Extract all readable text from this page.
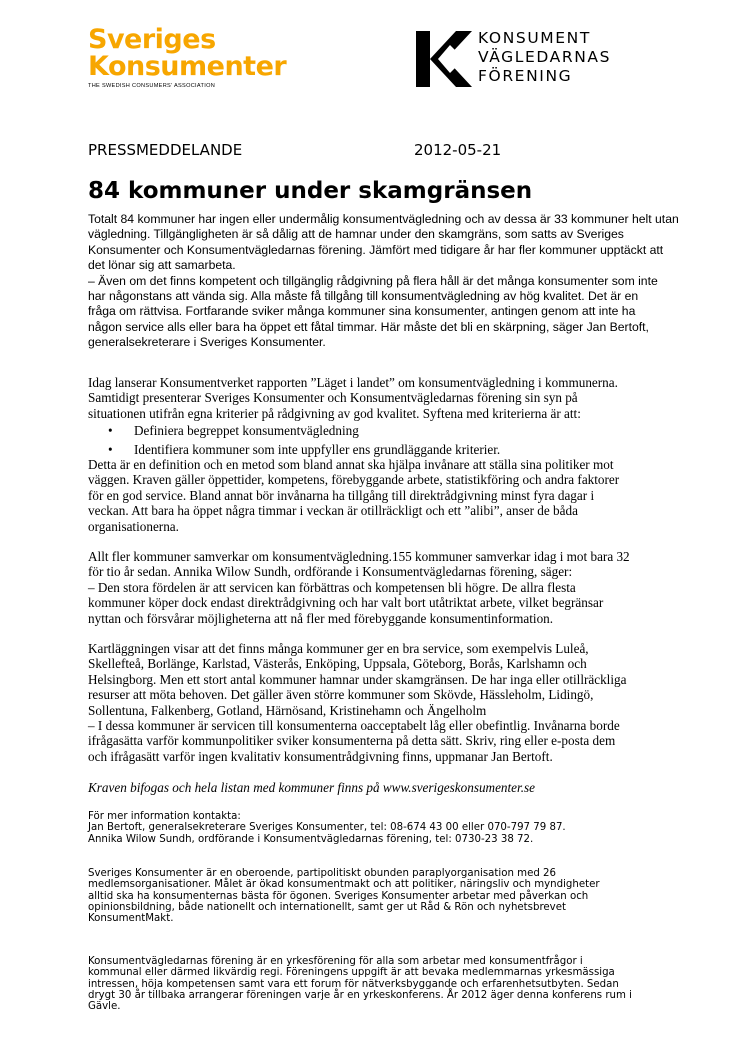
Sveriges
Konsumenter
THE SWEDISH CONSUMERS' ASSOCIATION
KONSUMENT
VÄGLEDARNAS
FÖRENING
PRESSMEDDELANDE	2012-05-21
84 kommuner under skamgränsen
Totalt 84 kommuner har ingen eller undermålig konsumentvägledning och av dessa är 33 kommuner helt utan
vägledning. Tillgängligheten är så dålig att de hamnar under den skamgräns, som satts av Sveriges
Konsumenter och Konsumentvägledarnas förening. Jämfört med tidigare år har fler kommuner upptäckt att
det lönar sig att samarbeta.
– Även om det finns kompetent och tillgänglig rådgivning på flera håll är det många konsumenter som inte
har någonstans att vända sig. Alla måste få tillgång till konsumentvägledning av hög kvalitet. Det är en
fråga om rättvisa. Fortfarande sviker många kommuner sina konsumenter, antingen genom att inte ha
någon service alls eller bara ha öppet ett fåtal timmar. Här måste det bli en skärpning, säger Jan Bertoft,
generalsekreterare i Sveriges Konsumenter.
Idag lanserar Konsumentverket rapporten ”Läget i landet” om konsumentvägledning i kommunerna.
Samtidigt presenterar Sveriges Konsumenter och Konsumentvägledarnas förening sin syn på
situationen utifrån egna kriterier på rådgivning av god kvalitet. Syftena med kriterierna är att:
• Definiera begreppet konsumentvägledning
• Identifiera kommuner som inte uppfyller ens grundläggande kriterier.
Detta är en definition och en metod som bland annat ska hjälpa invånare att ställa sina politiker mot
väggen. Kraven gäller öppettider, kompetens, förebyggande arbete, statistikföring och andra faktorer
för en god service. Bland annat bör invånarna ha tillgång till direktrådgivning minst fyra dagar i
veckan. Att bara ha öppet några timmar i veckan är otillräckligt och ett ”alibi”, anser de båda
organisationerna.
Allt fler kommuner samverkar om konsumentvägledning.155 kommuner samverkar idag i mot bara 32
för tio år sedan. Annika Wilow Sundh, ordförande i Konsumentvägledarnas förening, säger:
– Den stora fördelen är att servicen kan förbättras och kompetensen bli högre. De allra flesta
kommuner köper dock endast direktrådgivning och har valt bort utåtriktat arbete, vilket begränsar
nyttan och försvårar möjligheterna att nå fler med förebyggande konsumentinformation.
Kartläggningen visar att det finns många kommuner ger en bra service, som exempelvis Luleå,
Skellefteå, Borlänge, Karlstad, Västerås, Enköping, Uppsala, Göteborg, Borås, Karlshamn och
Helsingborg. Men ett stort antal kommuner hamnar under skamgränsen. De har inga eller otillräckliga
resurser att möta behoven. Det gäller även större kommuner som Skövde, Hässleholm, Lidingö,
Sollentuna, Falkenberg, Gotland, Härnösand, Kristinehamn och Ängelholm
– I dessa kommuner är servicen till konsumenterna oacceptabelt låg eller obefintlig. Invånarna borde
ifrågasätta varför kommunpolitiker sviker konsumenterna på detta sätt. Skriv, ring eller e-posta dem
och ifrågasätt varför ingen kvalitativ konsumentrådgivning finns, uppmanar Jan Bertoft.
Kraven bifogas och hela listan med kommuner finns på www.sverigeskonsumenter.se
För mer information kontakta:
Jan Bertoft, generalsekreterare Sveriges Konsumenter, tel: 08-674 43 00 eller 070-797 79 87.
Annika Wilow Sundh, ordförande i Konsumentvägledarnas förening, tel: 0730-23 38 72.
Sveriges Konsumenter är en oberoende, partipolitiskt obunden paraplyorganisation med 26
medlemsorganisationer. Målet är ökad konsumentmakt och att politiker, näringsliv och myndigheter
alltid ska ha konsumenternas bästa för ögonen. Sveriges Konsumenter arbetar med påverkan och
opinionsbildning, både nationellt och internationellt, samt ger ut Råd & Rön och nyhetsbrevet
KonsumentMakt.
Konsumentvägledarnas förening är en yrkesförening för alla som arbetar med konsumentfrågor i
kommunal eller därmed likvärdig regi. Föreningens uppgift är att bevaka medlemmarnas yrkesmässiga
intressen, höja kompetensen samt vara ett forum för nätverksbyggande och erfarenhetsutbyten. Sedan
drygt 30 år tillbaka arrangerar föreningen varje år en yrkeskonferens. År 2012 äger denna konferens rum i
Gävle.
